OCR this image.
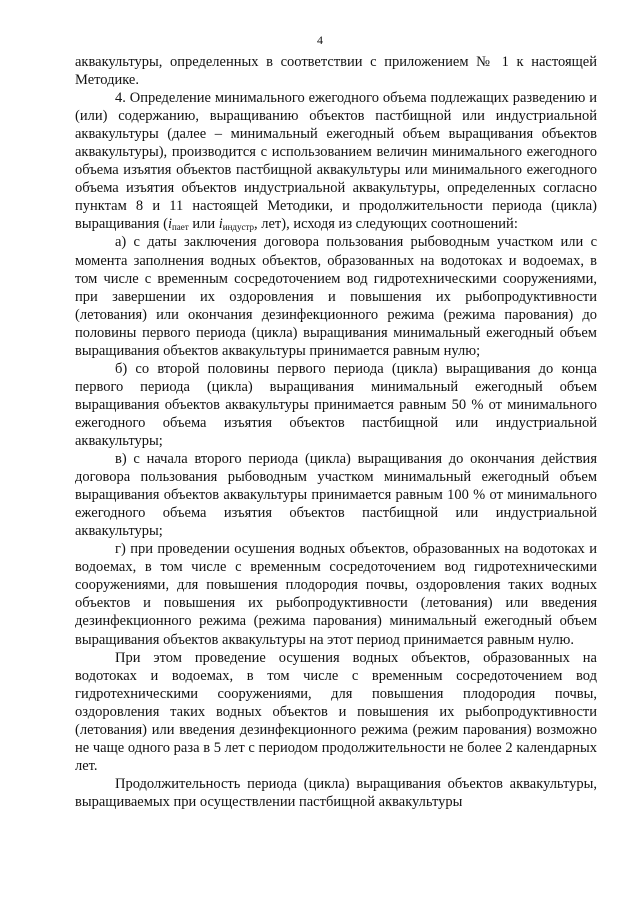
4

аквакультуры, определенных в соответствии с приложением № 1 к настоящей Методике.

4. Определение минимального ежегодного объема подлежащих разведению и (или) содержанию, выращиванию объектов пастбищной или индустриальной аквакультуры (далее – минимальный ежегодный объем выращивания объектов аквакультуры), производится с использованием величин минимального ежегодного объема изъятия объектов пастбищной аквакультуры или минимального ежегодного объема изъятия объектов индустриальной аквакультуры, определенных согласно пунктам 8 и 11 настоящей Методики, и продолжительности периода (цикла) выращивания ($i_{пает}$ или $i_{индустр}$, лет), исходя из следующих соотношений:

а) с даты заключения договора пользования рыбоводным участком или с момента заполнения водных объектов, образованных на водотоках и водоемах, в том числе с временным сосредоточением вод гидротехническими сооружениями, при завершении их оздоровления и повышения их рыбопродуктивности (летования) или окончания дезинфекционного режима (режима парования) до половины первого периода (цикла) выращивания минимальный ежегодный объем выращивания объектов аквакультуры принимается равным нулю;

б) со второй половины первого периода (цикла) выращивания до конца первого периода (цикла) выращивания минимальный ежегодный объем выращивания объектов аквакультуры принимается равным 50 % от минимального ежегодного объема изъятия объектов пастбищной или индустриальной аквакультуры;

в) с начала второго периода (цикла) выращивания до окончания действия договора пользования рыбоводным участком минимальный ежегодный объем выращивания объектов аквакультуры принимается равным 100 % от минимального ежегодного объема изъятия объектов пастбищной или индустриальной аквакультуры;

г) при проведении осушения водных объектов, образованных на водотоках и водоемах, в том числе с временным сосредоточением вод гидротехническими сооружениями, для повышения плодородия почвы, оздоровления таких водных объектов и повышения их рыбопродуктивности (летования) или введения дезинфекционного режима (режима парования) минимальный ежегодный объем выращивания объектов аквакультуры на этот период принимается равным нулю.

При этом проведение осушения водных объектов, образованных на водотоках и водоемах, в том числе с временным сосредоточением вод гидротехническими сооружениями, для повышения плодородия почвы, оздоровления таких водных объектов и повышения их рыбопродуктивности (летования) или введения дезинфекционного режима (режим парования) возможно не чаще одного раза в 5 лет с периодом продолжительности не более 2 календарных лет.

Продолжительность периода (цикла) выращивания объектов аквакультуры, выращиваемых при осуществлении пастбищной аквакультуры
